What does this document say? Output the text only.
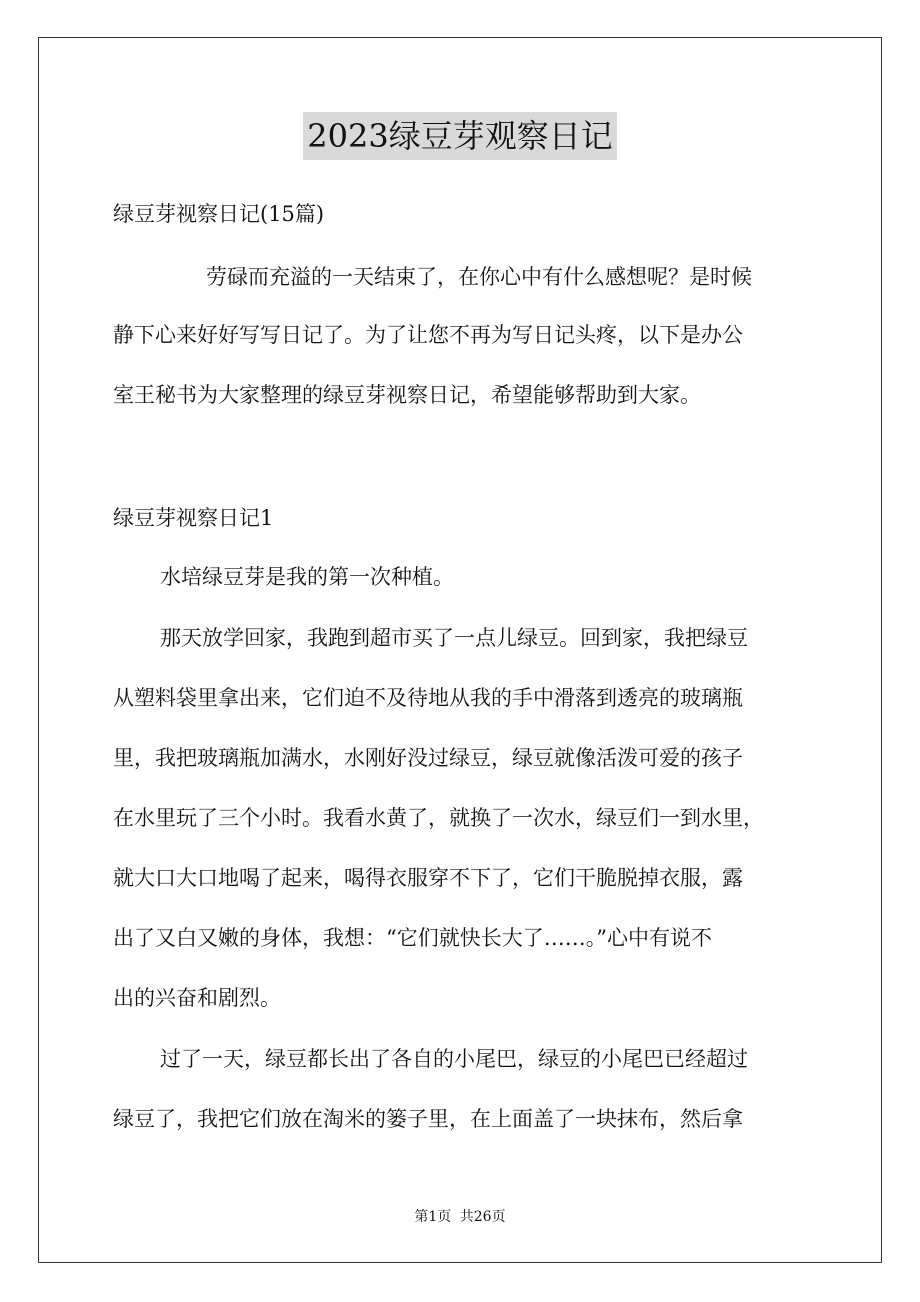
2023绿豆芽观察日记
绿豆芽视察日记(15篇)
劳碌而充溢的一天结束了，在你心中有什么感想呢？是时候
静下心来好好写写日记了。为了让您不再为写日记头疼，以下是办公
室王秘书为大家整理的绿豆芽视察日记，希望能够帮助到大家。
绿豆芽视察日记1
水培绿豆芽是我的第一次种植。
那天放学回家，我跑到超市买了一点儿绿豆。回到家，我把绿豆
从塑料袋里拿出来，它们迫不及待地从我的手中滑落到透亮的玻璃瓶
里，我把玻璃瓶加满水，水刚好没过绿豆，绿豆就像活泼可爱的孩子
在水里玩了三个小时。我看水黄了，就换了一次水，绿豆们一到水里，
就大口大口地喝了起来，喝得衣服穿不下了，它们干脆脱掉衣服，露
出了又白又嫩的身体，我想：“它们就快长大了……。”心中有说不
出的兴奋和剧烈。
过了一天，绿豆都长出了各自的小尾巴，绿豆的小尾巴已经超过
绿豆了，我把它们放在淘米的篓子里，在上面盖了一块抹布，然后拿
第1页 共26页
